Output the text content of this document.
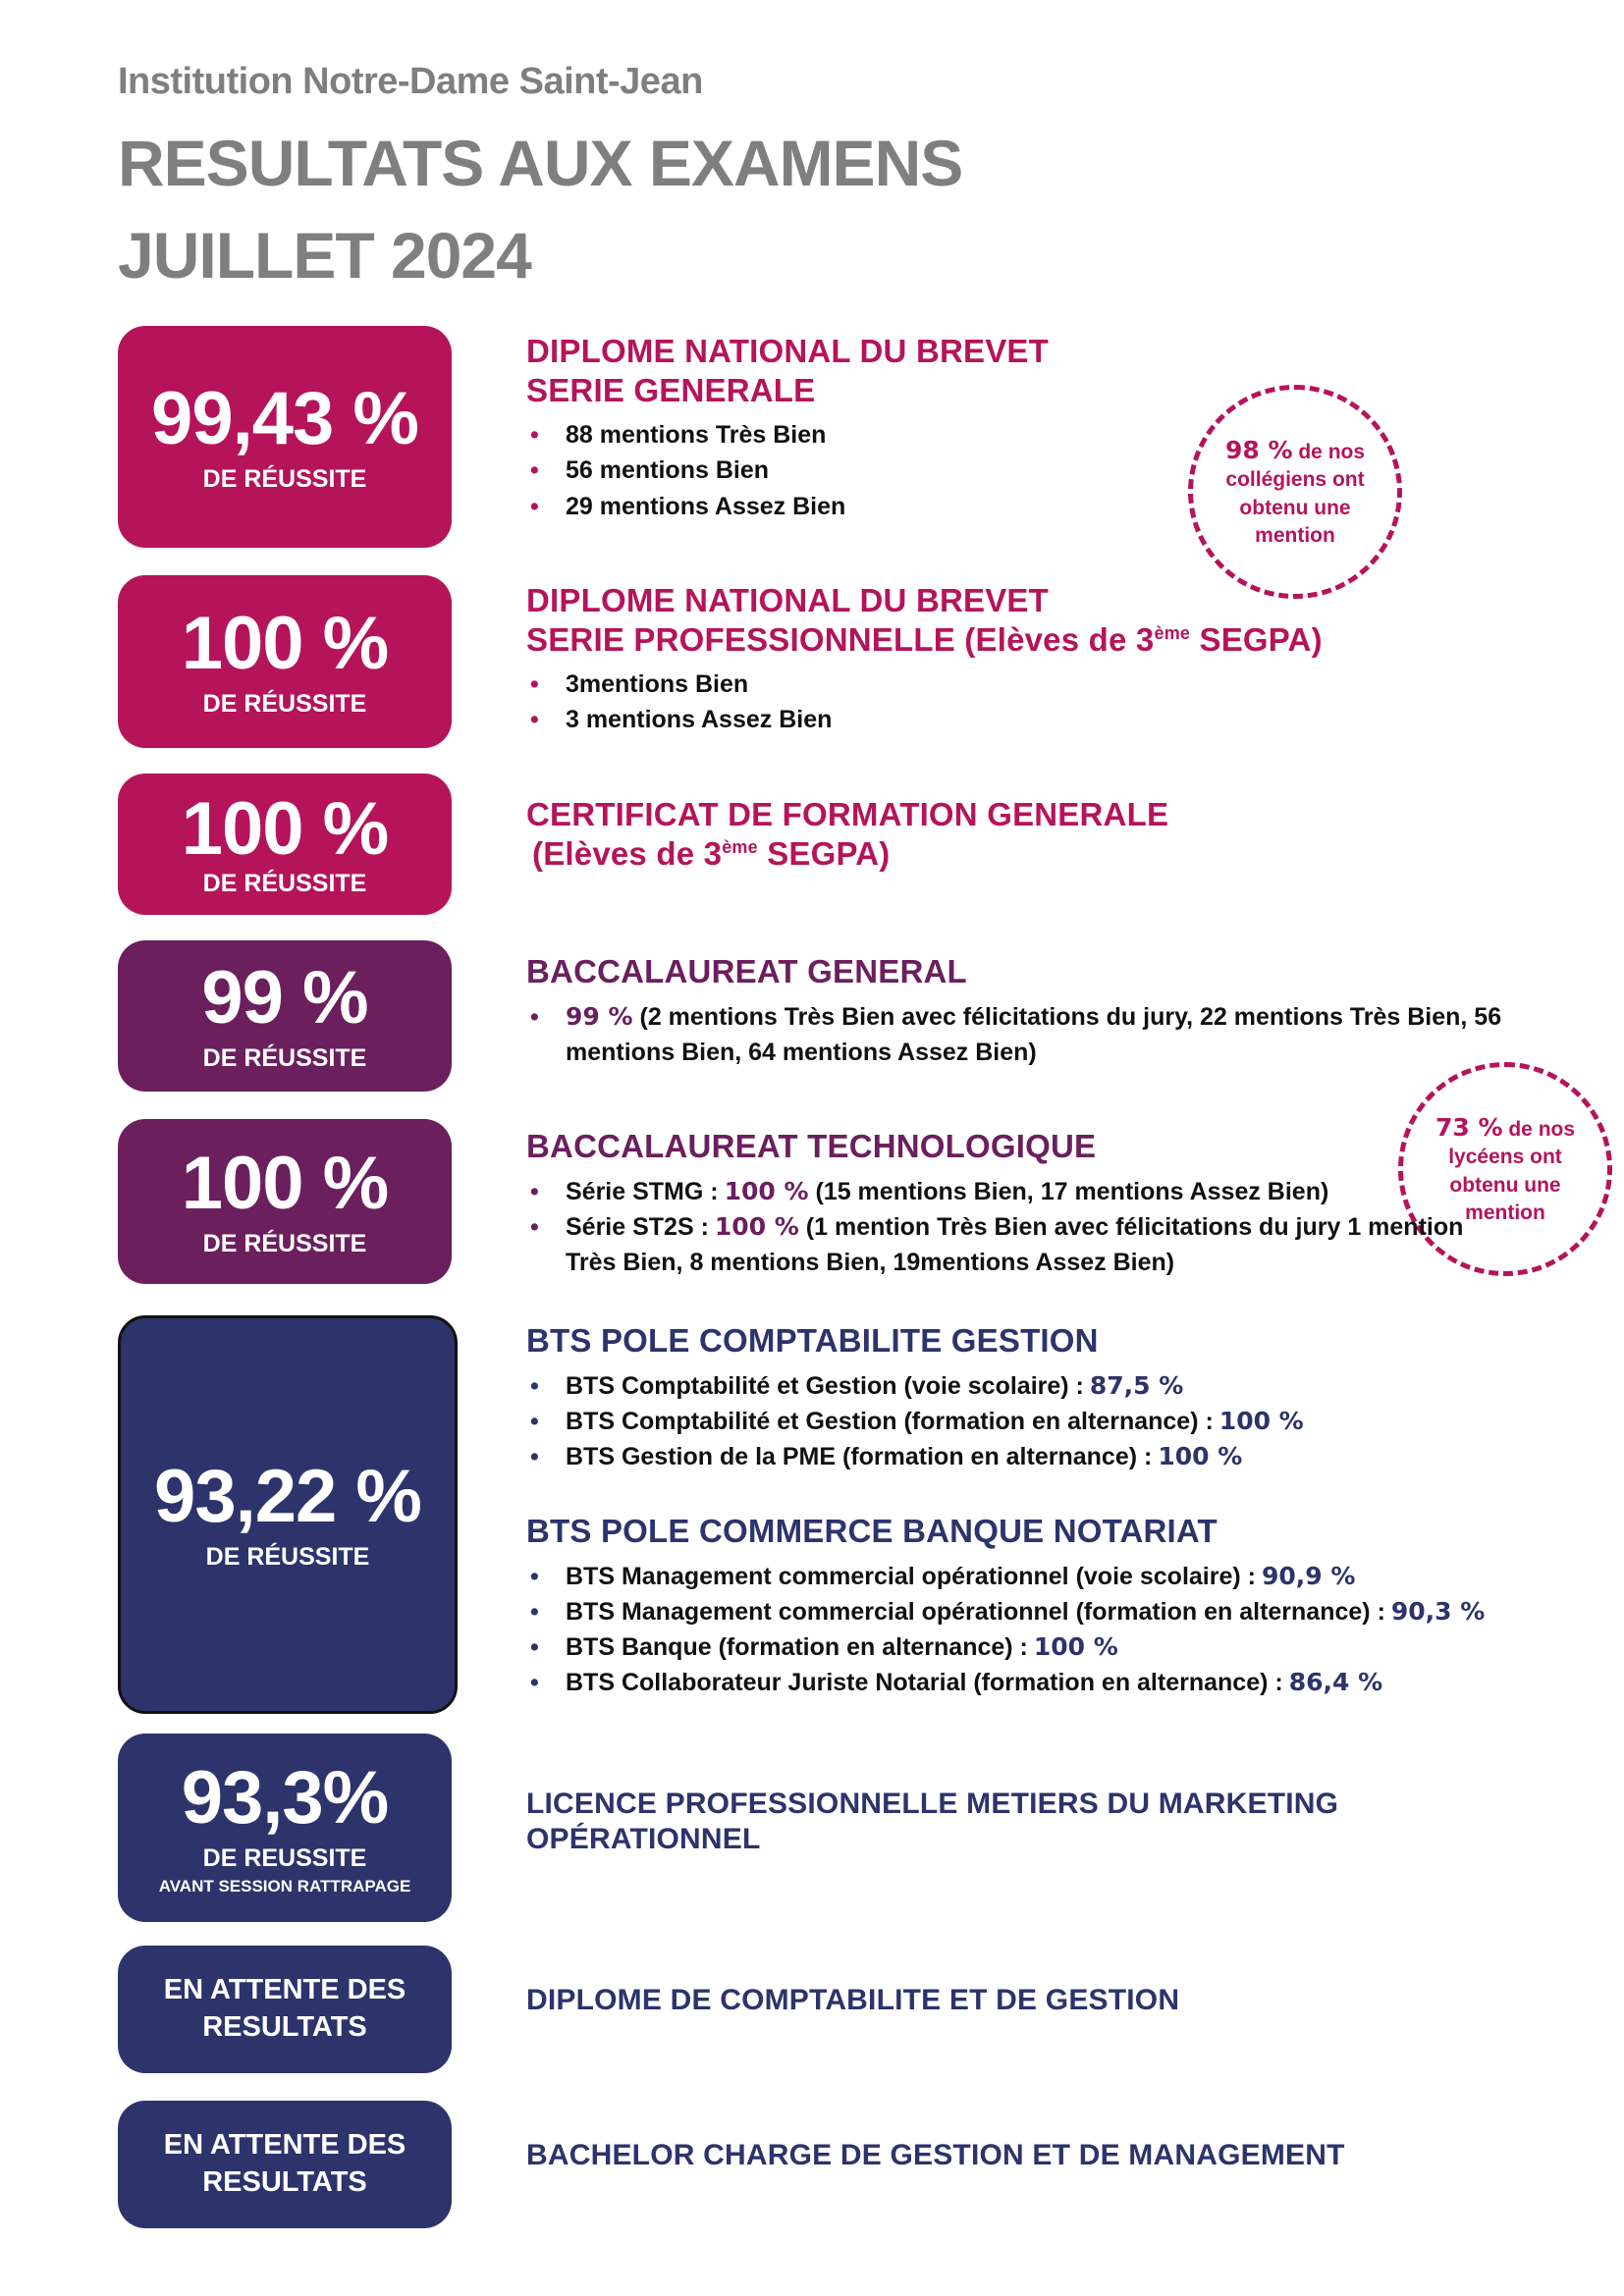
Institution Notre-Dame Saint-Jean
RESULTATS AUX EXAMENS
JUILLET 2024
99,43 %
DE RÉUSSITE
DIPLOME NATIONAL DU BREVET
SERIE GENERALE
• 88 mentions Très Bien
• 56 mentions Bien
• 29 mentions Assez Bien
98 % de nos
collégiens ont
obtenu une
mention
100 %
DE RÉUSSITE
DIPLOME NATIONAL DU BREVET
SERIE PROFESSIONNELLE (Elèves de 3ème SEGPA)
• 3mentions Bien
• 3 mentions Assez Bien
100 %
DE RÉUSSITE
CERTIFICAT DE FORMATION GENERALE
(Elèves de 3ème SEGPA)
99 %
DE RÉUSSITE
BACCALAUREAT GENERAL
• 99 % (2 mentions Très Bien avec félicitations du jury, 22 mentions Très Bien, 56 mentions Bien, 64 mentions Assez Bien)
73 % de nos
lycéens ont
obtenu une
mention
100 %
DE RÉUSSITE
BACCALAUREAT TECHNOLOGIQUE
• Série STMG : 100 % (15 mentions Bien, 17 mentions Assez Bien)
• Série ST2S : 100 % (1 mention Très Bien avec félicitations du jury 1 mention Très Bien, 8 mentions Bien, 19mentions Assez Bien)
93,22 %
DE RÉUSSITE
BTS POLE COMPTABILITE GESTION
• BTS Comptabilité et Gestion (voie scolaire) : 87,5 %
• BTS Comptabilité et Gestion (formation en alternance) : 100 %
• BTS Gestion de la PME (formation en alternance) : 100 %
BTS POLE COMMERCE BANQUE NOTARIAT
• BTS Management commercial opérationnel (voie scolaire) : 90,9 %
• BTS Management commercial opérationnel (formation en alternance) : 90,3 %
• BTS Banque (formation en alternance) : 100 %
• BTS Collaborateur Juriste Notarial (formation en alternance) : 86,4 %
93,3%
DE REUSSITE
AVANT SESSION RATTRAPAGE
LICENCE PROFESSIONNELLE METIERS DU MARKETING
OPÉRATIONNEL
EN ATTENTE DES
RESULTATS
DIPLOME DE COMPTABILITE ET DE GESTION
EN ATTENTE DES
RESULTATS
BACHELOR CHARGE DE GESTION ET DE MANAGEMENT
